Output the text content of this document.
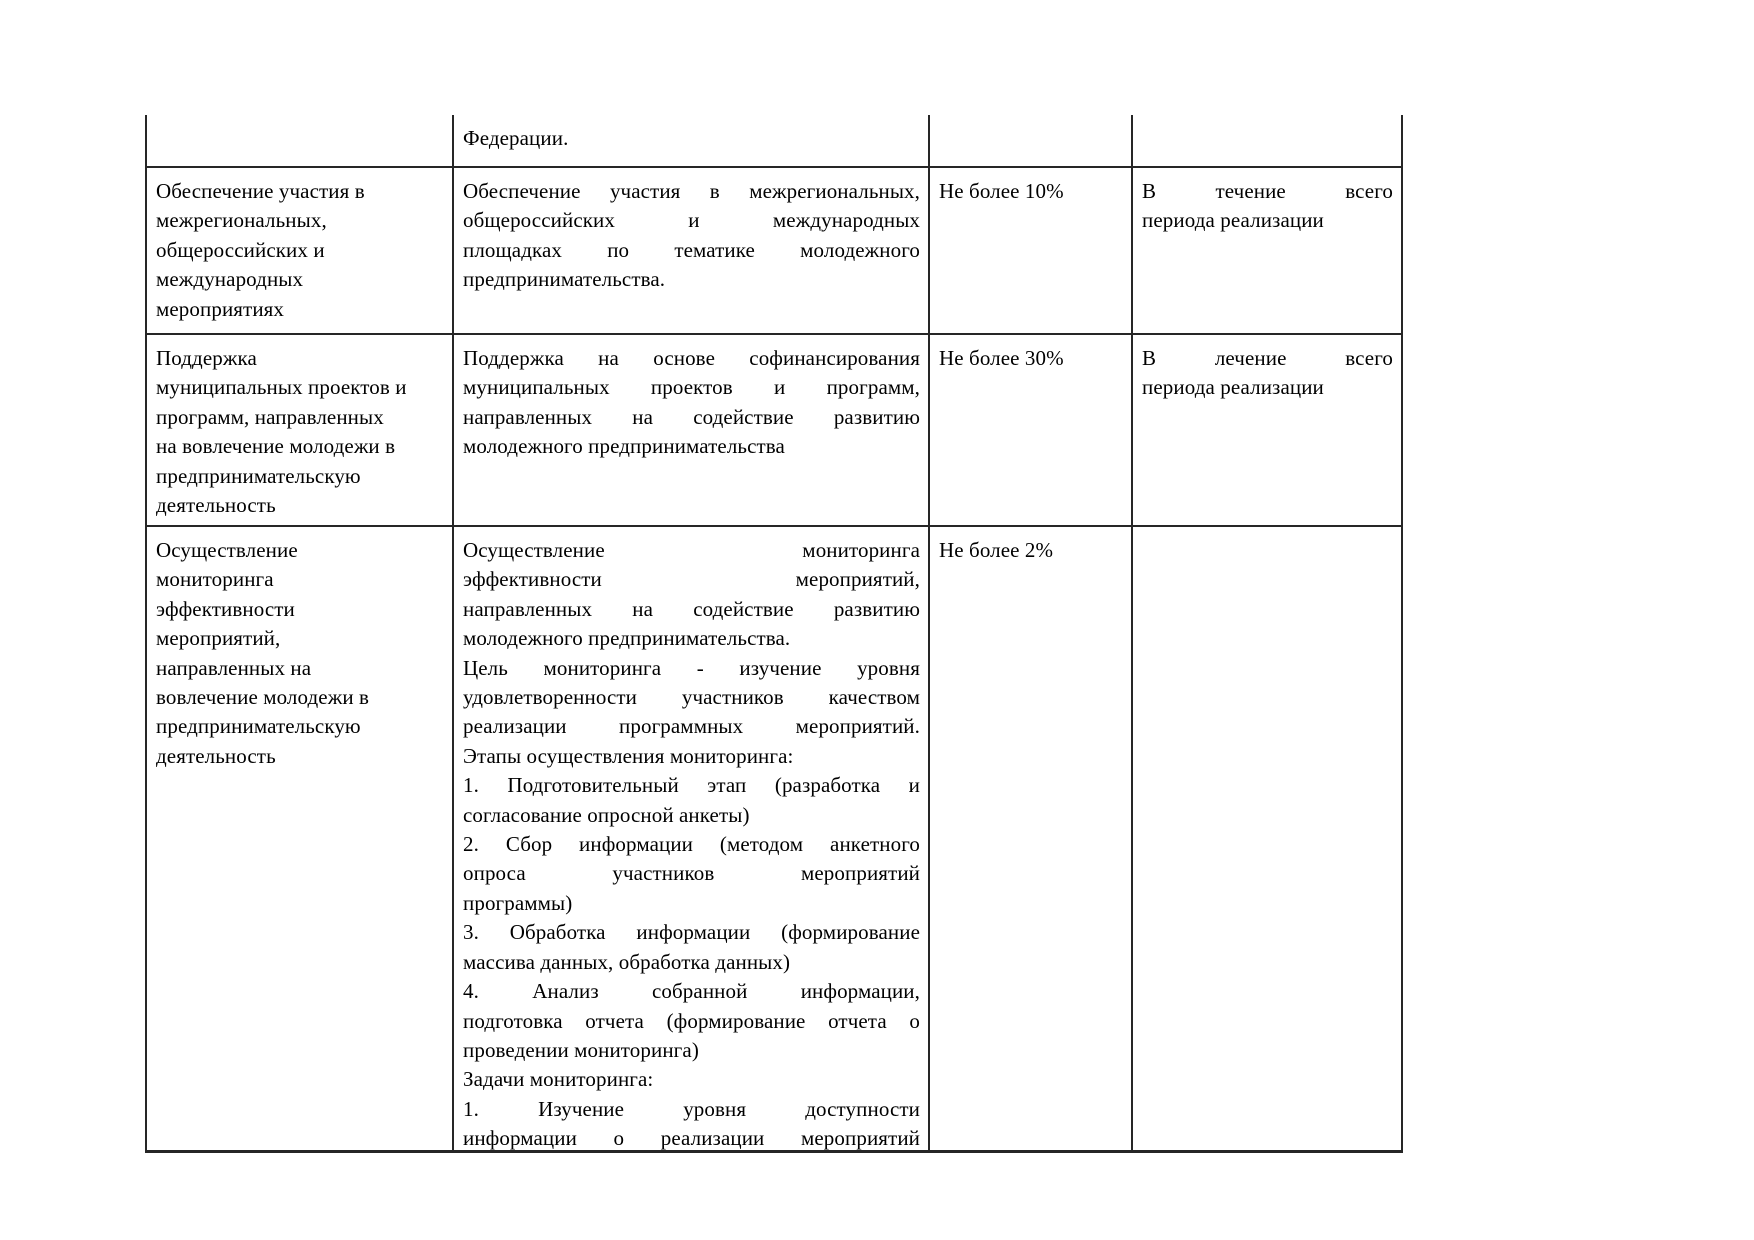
Федерации.
Обеспечение участия в
межрегиональных,
общероссийских и
международных
мероприятиях
Обеспечение участия в межрегиональных,
общероссийских и международных
площадках по тематике молодежного
предпринимательства.
Не более 10%	В течение всего
периода реализации
Поддержка
муниципальных проектов и
программ, направленных
на вовлечение молодежи в
предпринимательскую
деятельность
Поддержка на основе софинансирования
муниципальных проектов и программ,
направленных на содействие развитию
молодежного предпринимательства
Не более 30%	В лечение всего
периода реализации
Осуществление
мониторинга
эффективности
мероприятий,
направленных на
вовлечение молодежи в
предпринимательскую
деятельность
Осуществление мониторинга
эффективности мероприятий,
направленных на содействие развитию
молодежного предпринимательства.
Цель мониторинга - изучение уровня
удовлетворенности участников качеством
реализации программных мероприятий.
Этапы осуществления мониторинга:
1. Подготовительный этап (разработка и
согласование опросной анкеты)
2. Сбор информации (методом анкетного
опроса участников мероприятий
программы)
3. Обработка информации (формирование
массива данных, обработка данных)
4. Анализ собранной информации,
подготовка отчета (формирование отчета о
проведении мониторинга)
Задачи мониторинга:
1. Изучение уровня доступности
информации о реализации мероприятий
Не более 2%
